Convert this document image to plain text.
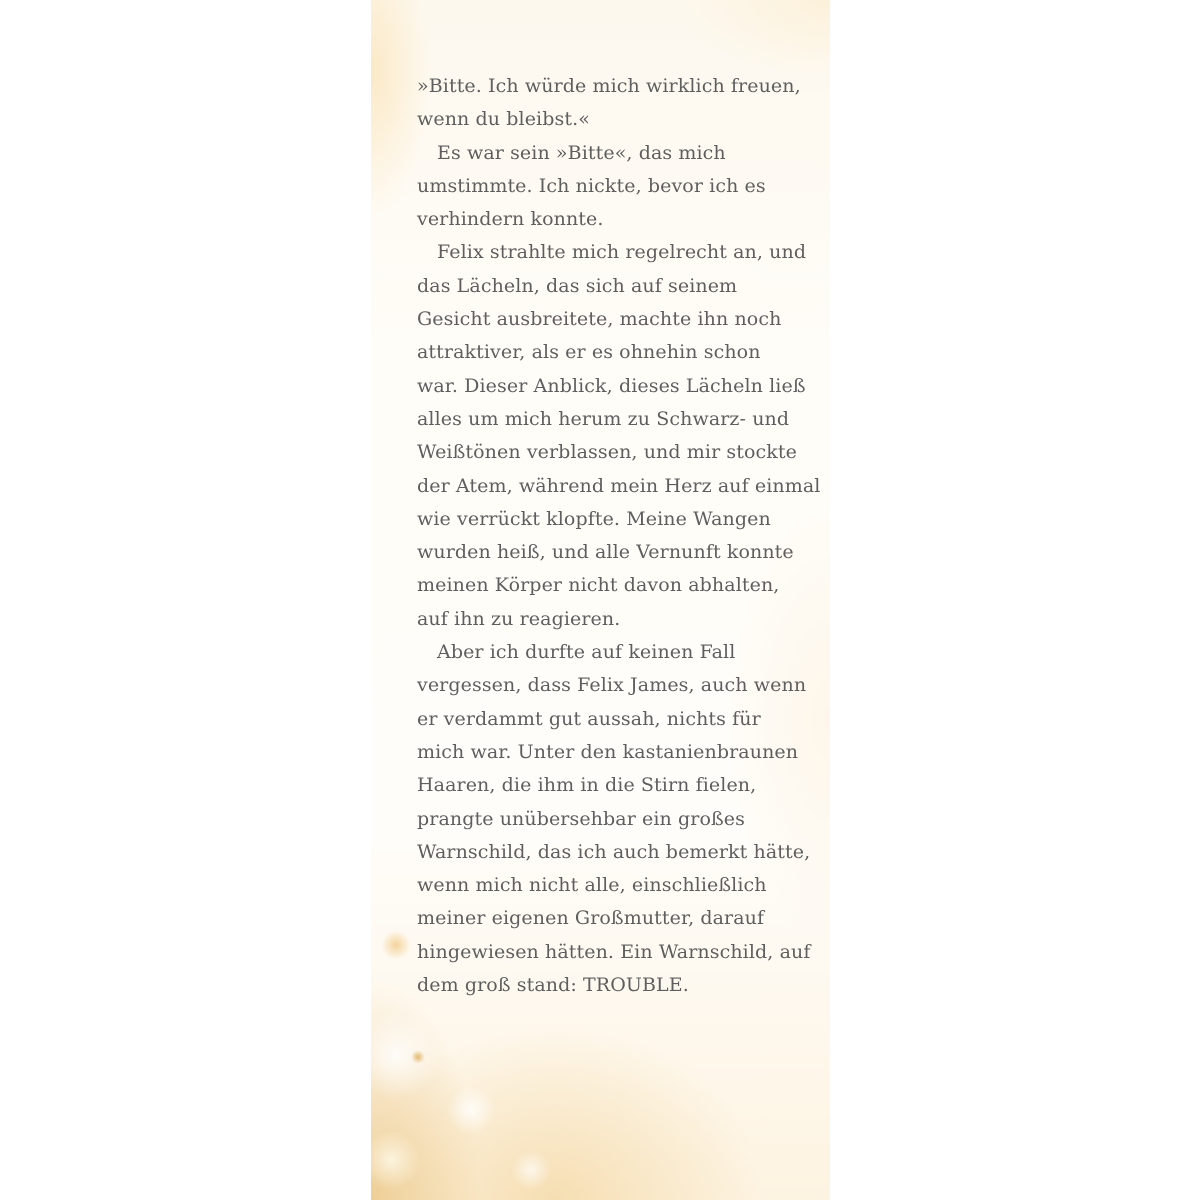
»Bitte. Ich würde mich wirklich freuen,
wenn du bleibst.«
Es war sein »Bitte«, das mich
umstimmte. Ich nickte, bevor ich es
verhindern konnte.
Felix strahlte mich regelrecht an, und
das Lächeln, das sich auf seinem
Gesicht ausbreitete, machte ihn noch
attraktiver, als er es ohnehin schon
war. Dieser Anblick, dieses Lächeln ließ
alles um mich herum zu Schwarz- und
Weißtönen verblassen, und mir stockte
der Atem, während mein Herz auf einmal
wie verrückt klopfte. Meine Wangen
wurden heiß, und alle Vernunft konnte
meinen Körper nicht davon abhalten,
auf ihn zu reagieren.
Aber ich durfte auf keinen Fall
vergessen, dass Felix James, auch wenn
er verdammt gut aussah, nichts für
mich war. Unter den kastanienbraunen
Haaren, die ihm in die Stirn fielen,
prangte unübersehbar ein großes
Warnschild, das ich auch bemerkt hätte,
wenn mich nicht alle, einschließlich
meiner eigenen Großmutter, darauf
hingewiesen hätten. Ein Warnschild, auf
dem groß stand: TROUBLE.
